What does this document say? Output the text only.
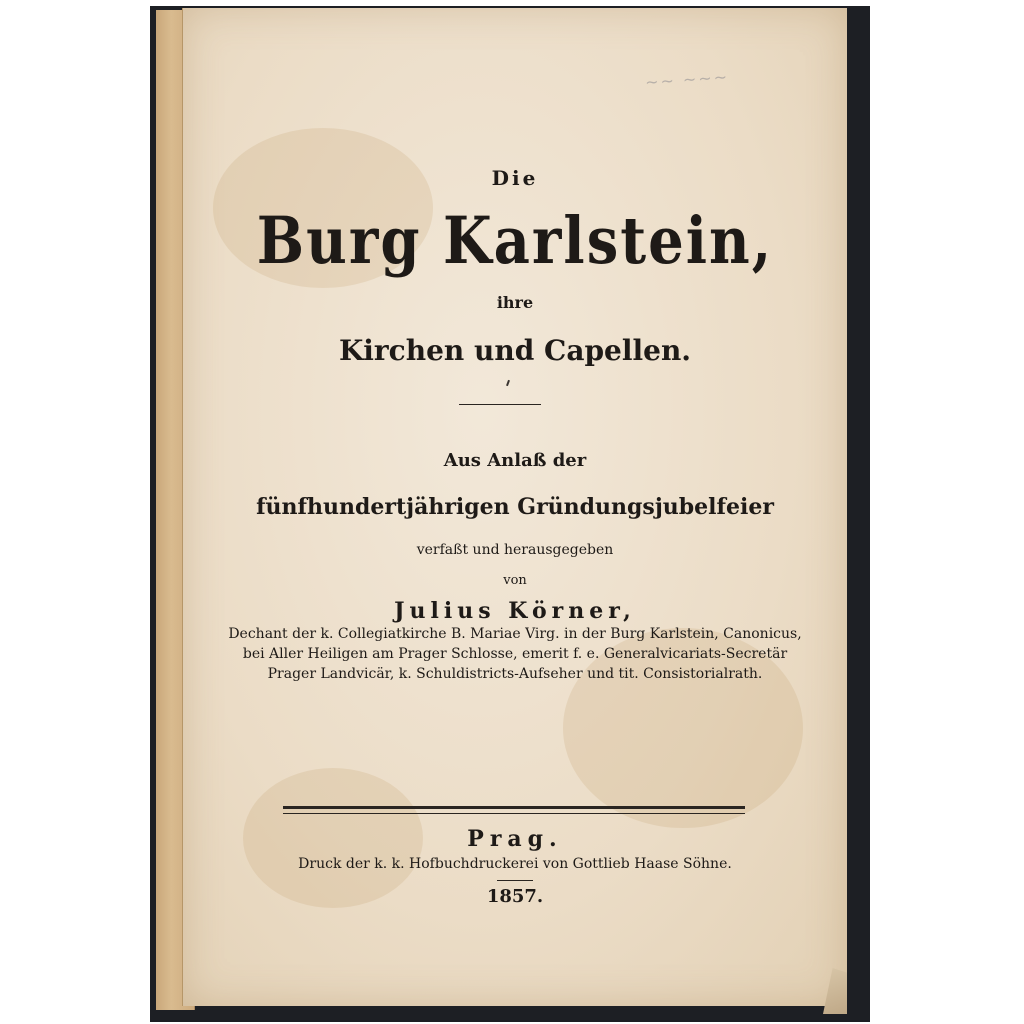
~~ ~~~
Die
Burg Karlstein,
ihre
Kirchen und Capellen.
Aus Anlaß der
fünfhundertjährigen Gründungsjubelfeier
verfaßt und herausgegeben
von
Julius Körner,
Dechant der k. Collegiatkirche B. Mariae Virg. in der Burg Karlstein, Canonicus,
bei Aller Heiligen am Prager Schlosse, emerit f. e. Generalvicariats-Secretär
Prager Landvicär, k. Schuldistricts-Aufseher und tit. Consistorialrath.
Prag.
Druck der k. k. Hofbuchdruckerei von Gottlieb Haase Söhne.
1857.
